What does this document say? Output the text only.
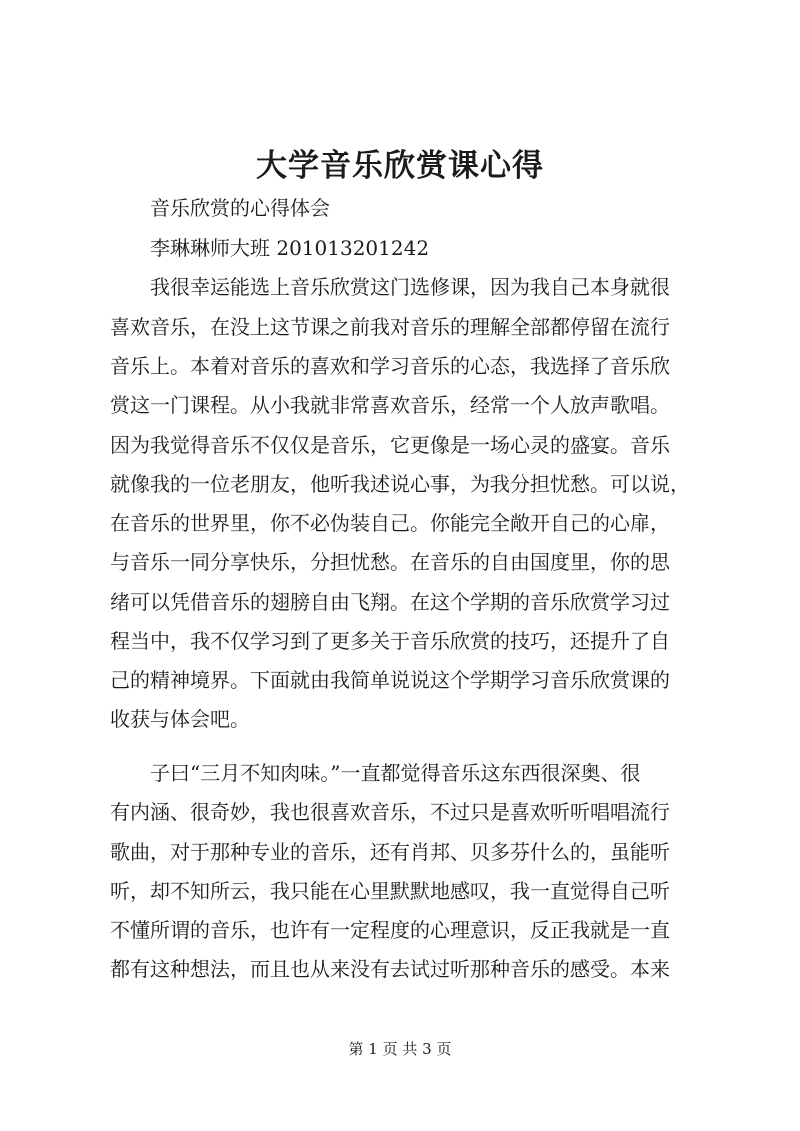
大学音乐欣赏课心得
音乐欣赏的心得体会
李琳琳师大班 201013201242
我很幸运能选上音乐欣赏这门选修课，因为我自己本身就很
喜欢音乐，在没上这节课之前我对音乐的理解全部都停留在流行
音乐上。本着对音乐的喜欢和学习音乐的心态，我选择了音乐欣
赏这一门课程。从小我就非常喜欢音乐，经常一个人放声歌唱。
因为我觉得音乐不仅仅是音乐，它更像是一场心灵的盛宴。音乐
就像我的一位老朋友，他听我述说心事，为我分担忧愁。可以说，
在音乐的世界里，你不必伪装自己。你能完全敞开自己的心扉，
与音乐一同分享快乐，分担忧愁。在音乐的自由国度里，你的思
绪可以凭借音乐的翅膀自由飞翔。在这个学期的音乐欣赏学习过
程当中，我不仅学习到了更多关于音乐欣赏的技巧，还提升了自
己的精神境界。下面就由我简单说说这个学期学习音乐欣赏课的
收获与体会吧。
子曰“三月不知肉味。”一直都觉得音乐这东西很深奥、很
有内涵、很奇妙，我也很喜欢音乐，不过只是喜欢听听唱唱流行
歌曲，对于那种专业的音乐，还有肖邦、贝多芬什么的，虽能听
听，却不知所云，我只能在心里默默地感叹，我一直觉得自己听
不懂所谓的音乐，也许有一定程度的心理意识，反正我就是一直
都有这种想法，而且也从来没有去试过听那种音乐的感受。本来
第 1 页 共 3 页
